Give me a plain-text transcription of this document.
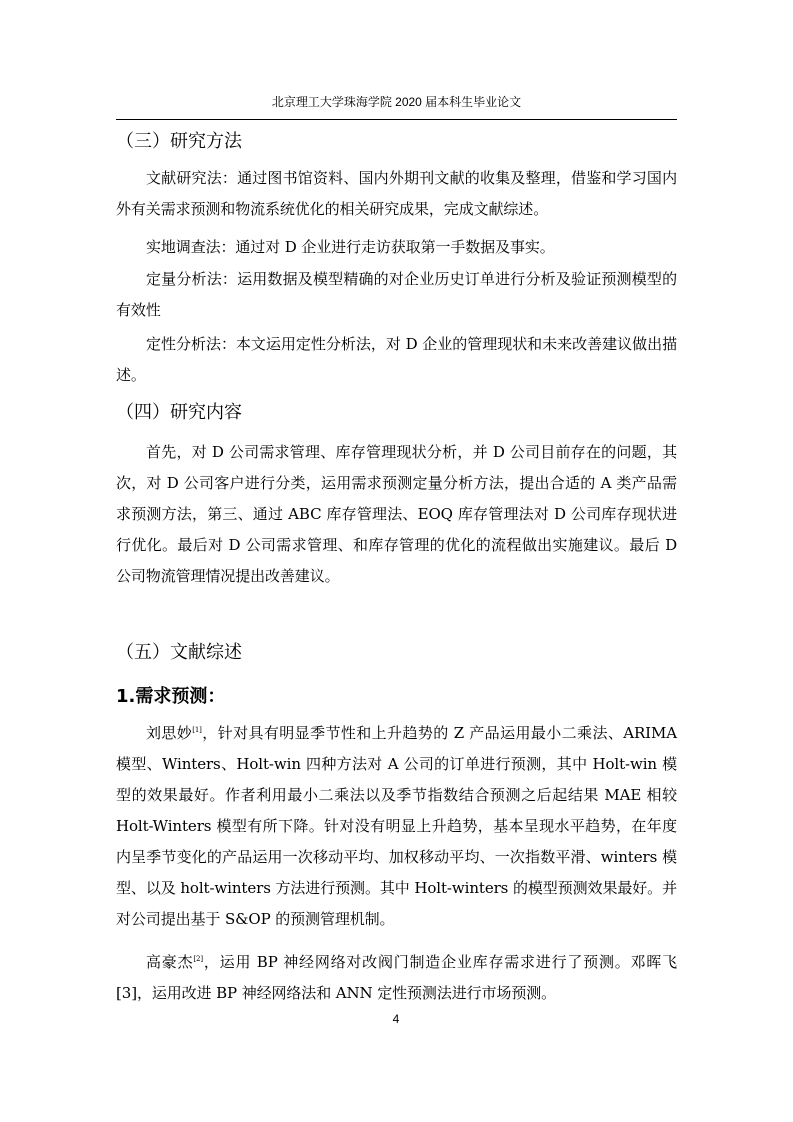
北京理工大学珠海学院 2020 届本科生毕业论文
（三）研究方法

文献研究法：通过图书馆资料、国内外期刊文献的收集及整理，借鉴和学习国内外有关需求预测和物流系统优化的相关研究成果，完成文献综述。

实地调查法：通过对 D 企业进行走访获取第一手数据及事实。

定量分析法：运用数据及模型精确的对企业历史订单进行分析及验证预测模型的有效性

定性分析法：本文运用定性分析法，对 D 企业的管理现状和未来改善建议做出描述。

（四）研究内容

首先，对 D 公司需求管理、库存管理现状分析，并 D 公司目前存在的问题，其次，对 D 公司客户进行分类，运用需求预测定量分析方法，提出合适的 A 类产品需求预测方法，第三、通过 ABC 库存管理法、EOQ 库存管理法对 D 公司库存现状进行优化。最后对 D 公司需求管理、和库存管理的优化的流程做出实施建议。最后 D 公司物流管理情况提出改善建议。

（五）文献综述
1.需求预测：

刘思妙[1]，针对具有明显季节性和上升趋势的 Z 产品运用最小二乘法、ARIMA 模型、Winters、Holt-win 四种方法对 A 公司的订单进行预测，其中 Holt-win 模型的效果最好。作者利用最小二乘法以及季节指数结合预测之后起结果 MAE 相较 Holt-Winters 模型有所下降。针对没有明显上升趋势，基本呈现水平趋势，在年度内呈季节变化的产品运用一次移动平均、加权移动平均、一次指数平滑、winters 模型、以及 holt-winters 方法进行预测。其中 Holt-winters 的模型预测效果最好。并对公司提出基于 S&OP 的预测管理机制。

高豪杰[2]，运用 BP 神经网络对改阀门制造企业库存需求进行了预测。邓晖飞[3]，运用改进 BP 神经网络法和 ANN 定性预测法进行市场预测。

4
